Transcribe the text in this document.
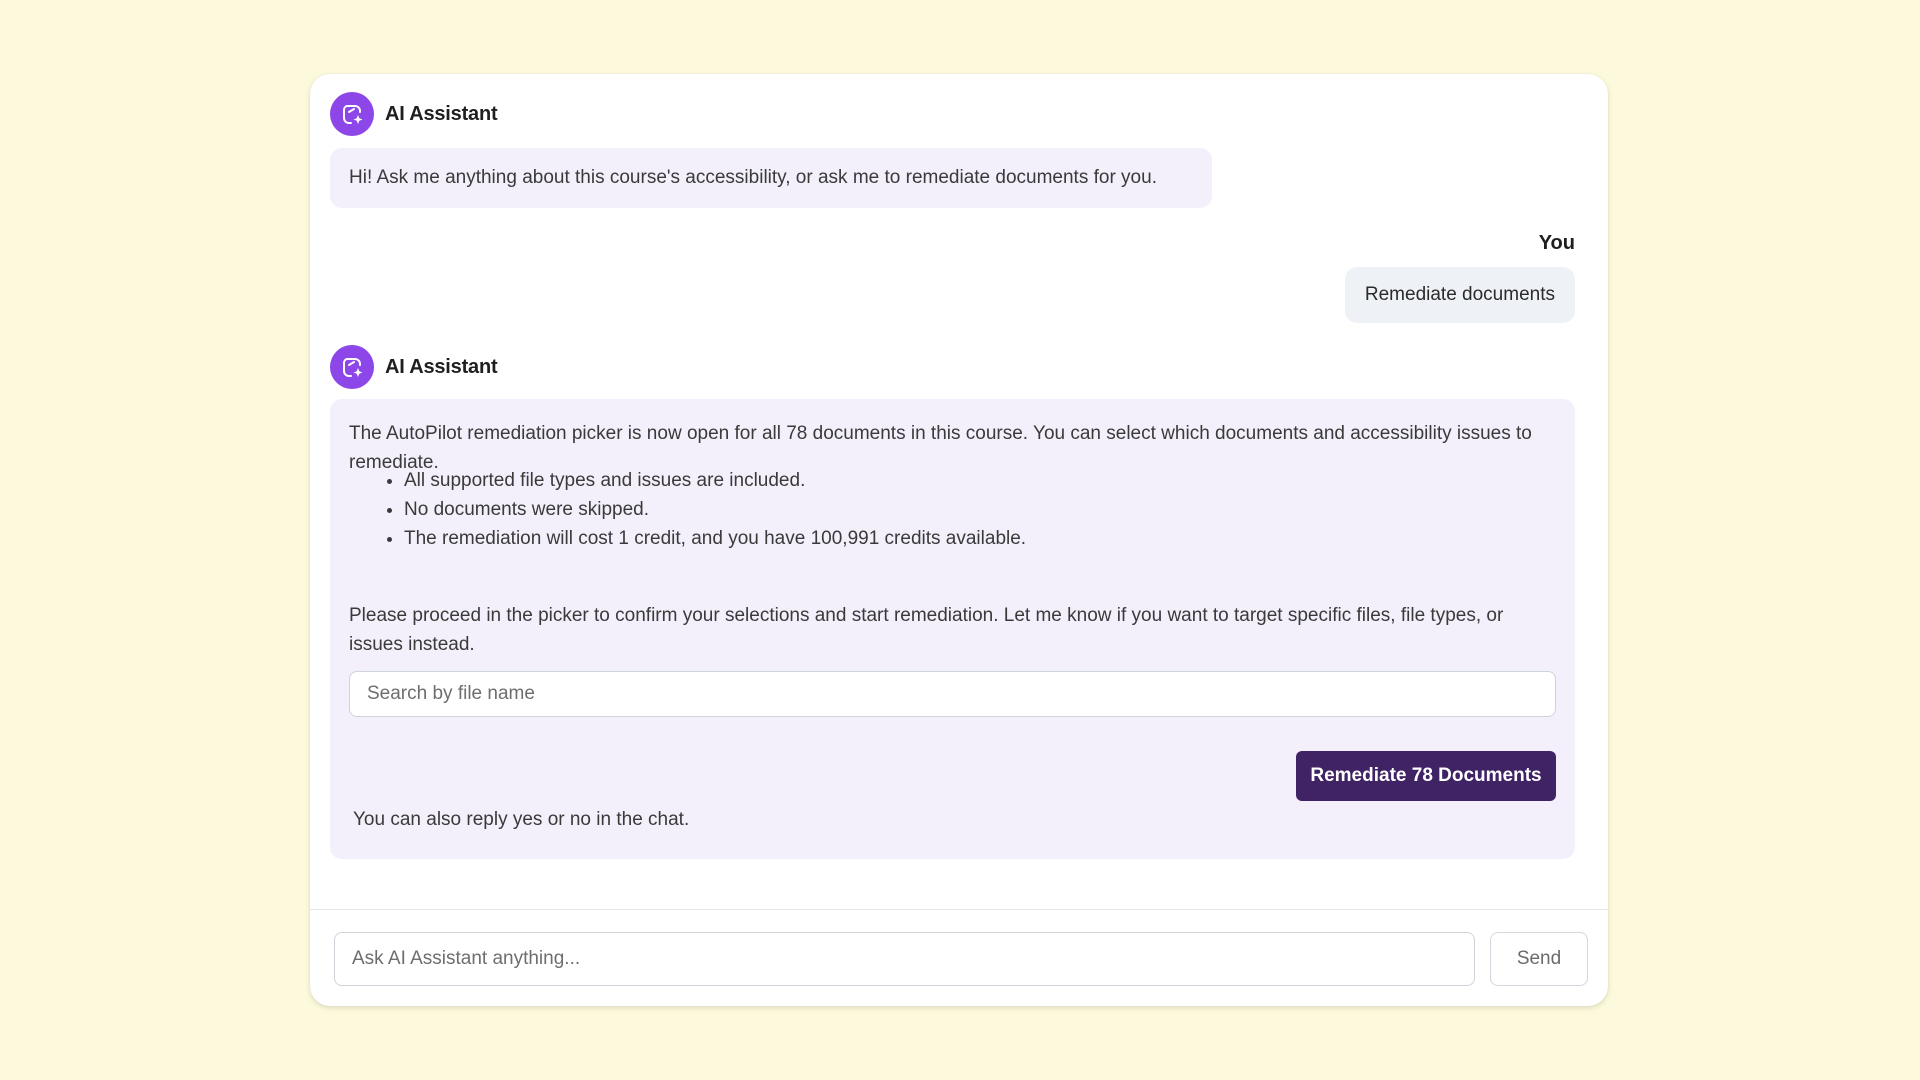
AI Assistant
Hi! Ask me anything about this course's accessibility, or ask me to remediate documents for you.
You
Remediate documents
AI Assistant

The AutoPilot remediation picker is now open for all 78 documents in this course. You can select which documents and accessibility issues to remediate.

• All supported file types and issues are included.
• No documents were skipped.
• The remediation will cost 1 credit, and you have 100,991 credits available.

Please proceed in the picker to confirm your selections and start remediation. Let me know if you want to target specific files, file types, or issues instead.

Search by file name
Remediate 78 Documents
You can also reply yes or no in the chat.
Ask AI Assistant anything...
Send
